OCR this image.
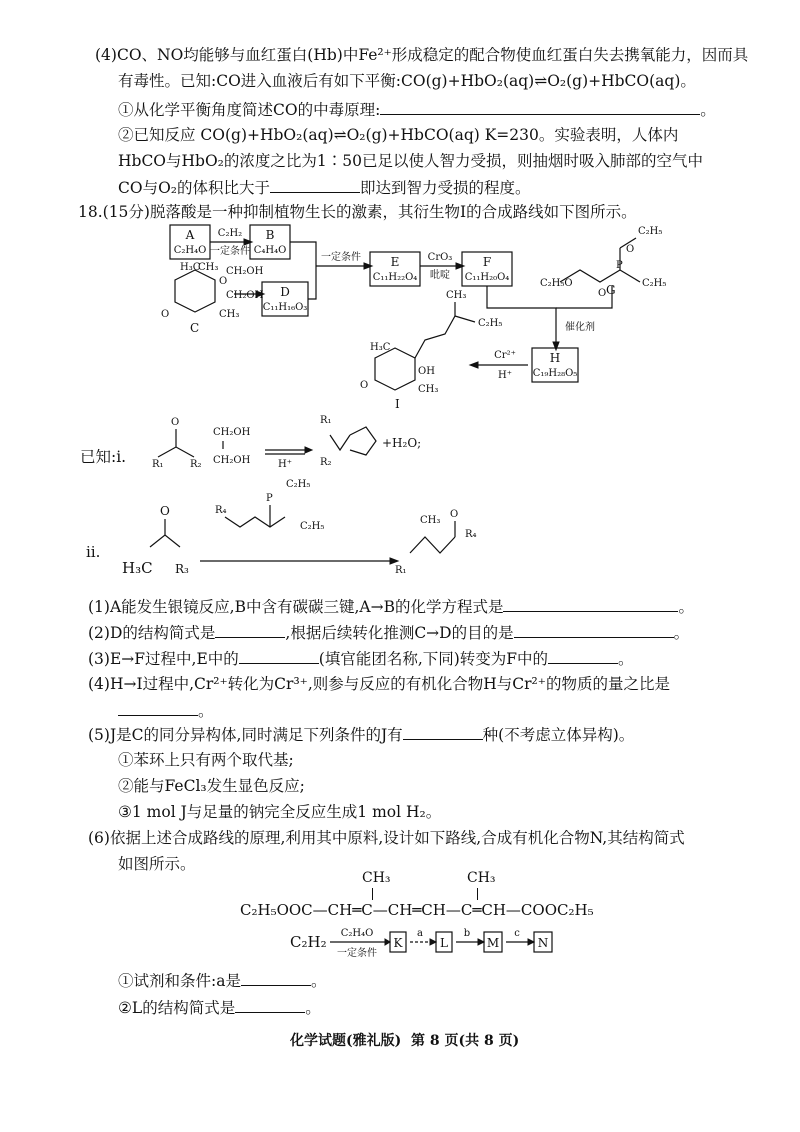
(4)CO、NO均能够与血红蛋白(Hb)中Fe²⁺形成稳定的配合物使血红蛋白失去携氧能力，因而具
有毒性。已知:CO进入血液后有如下平衡:CO(g)+HbO₂(aq)⇌O₂(g)+HbCO(aq)。
①从化学平衡角度简述CO的中毒原理:	。
②已知反应 CO(g)+HbO₂(aq)⇌O₂(g)+HbCO(aq) K=230。实验表明，人体内
HbCO与HbO₂的浓度之比为1∶50已足以使人智力受损，则抽烟时吸入肺部的空气中
CO与O₂的体积比大于	即达到智力受损的程度。
18.(15分)脱落酸是一种抑制植物生长的激素，其衍生物I的合成路线如下图所示。
A
C₂H₄O
B
C₄H₄O
D
C₁₁H₁₆O₃
E
C₁₁H₂₂O₄
F
C₁₁H₂₀O₄
H
C₁₉H₂₈O₅
C₂H₂
一定条件
一定条件	CrO₃
吡啶
催化剂
Cr²⁺
H⁺
H₃C
CH₃
O
O
CH₃
C
CH₂OH
CH₂OH
C₂H₅O
O
P
O
C₂H₅
C₂H₅
G
H₃C
OH
CH₃
O
CH₃
C₂H₅
I
已知:ⅰ.
O
R₁	R₂
CH₂OH
CH₂OH	H⁺
R₁
R₂
+H₂O;
ⅱ.
O
H₃C R₃
R₄
P
C₂H₅
C₂H₅
R₁
O
R₄
CH₃
(1)A能发生银镜反应,B中含有碳碳三键,A→B的化学方程式是	。
(2)D的结构简式是	,根据后续转化推测C→D的目的是	。
(3)E→F过程中,E中的	(填官能团名称,下同)转变为F中的	。
(4)H→I过程中,Cr²⁺转化为Cr³⁺,则参与反应的有机化合物H与Cr²⁺的物质的量之比是
。
(5)J是C的同分异构体,同时满足下列条件的J有	种(不考虑立体异构)。
①苯环上只有两个取代基;
②能与FeCl₃发生显色反应;
③1 mol J与足量的钠完全反应生成1 mol H₂。
(6)依据上述合成路线的原理,利用其中原料,设计如下路线,合成有机化合物N,其结构简式
如图所示。
CH₃	CH₃
C₂H₅OOC—CH═C—CH═CH—C═CH—COOC₂H₅
C₂H₂ C₂H₄O
一定条件
a	b	c
K	L	M	N
①试剂和条件:a是	。
②L的结构简式是	。
化学试题(雅礼版) 第 8 页(共 8 页)
